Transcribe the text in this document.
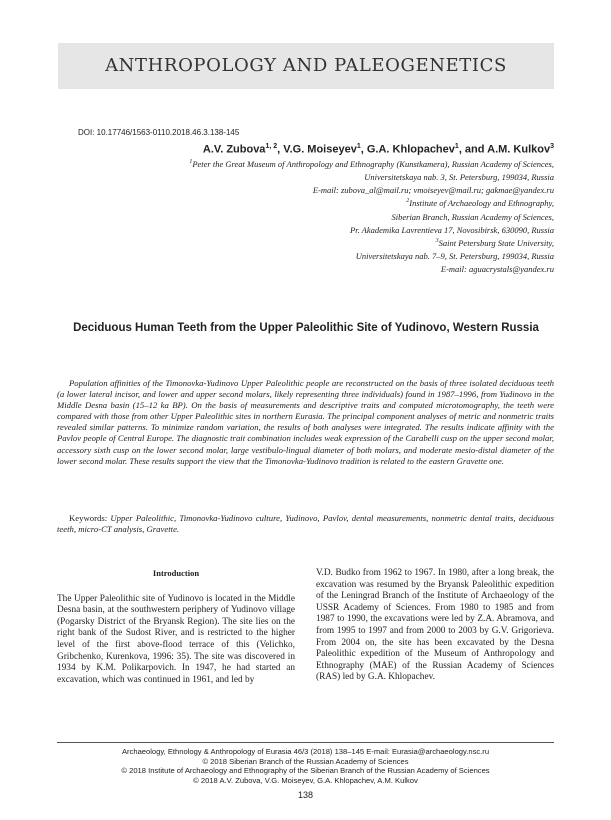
ANTHROPOLOGY AND PALEOGENETICS
DOI: 10.17746/1563-0110.2018.46.3.138-145
A.V. Zubova$^{1, 2}$, V.G. Moiseyev$^1$, G.A. Khlopachev$^1$, and A.M. Kulkov$^3$
$^1$Peter the Great Museum of Anthropology and Ethnography (Kunstkamera), Russian Academy of Sciences,
Universitetskaya nab. 3, St. Petersburg, 199034, Russia
E-mail: zubova_al@mail.ru; vmoiseyev@mail.ru; gakmae@yandex.ru
$^2$Institute of Archaeology and Ethnography,
Siberian Branch, Russian Academy of Sciences,
Pr. Akademika Lavrentieva 17, Novosibirsk, 630090, Russia
$^3$Saint Petersburg State University,
Universitetskaya nab. 7–9, St. Petersburg, 199034, Russia
E-mail: aguacrystals@yandex.ru
Deciduous Human Teeth from the Upper Paleolithic Site of Yudinovo, Western Russia

Population affinities of the Timonovka-Yudinovo Upper Paleolithic people are reconstructed on the basis of three isolated deciduous teeth (a lower lateral incisor, and lower and upper second molars, likely representing three individuals) found in 1987–1996, from Yudinovo in the Middle Desna basin (15–12 ka BP). On the basis of measurements and descriptive traits and computed microtomography, the teeth were compared with those from other Upper Paleolithic sites in northern Eurasia. The principal component analyses of metric and nonmetric traits revealed similar patterns. To minimize random variation, the results of both analyses were integrated. The results indicate affinity with the Pavlov people of Central Europe. The diagnostic trait combination includes weak expression of the Carabelli cusp on the upper second molar, accessory sixth cusp on the lower second molar, large vestibulo-lingual diameter of both molars, and moderate mesio-distal diameter of the lower second molar. These results support the view that the Timonovka-Yudinovo tradition is related to the eastern Gravette one.

Keywords: Upper Paleolithic, Timonovka-Yudinovo culture, Yudinovo, Pavlov, dental measurements, nonmetric dental traits, deciduous teeth, micro-CT analysis, Gravette.

Introduction

The Upper Paleolithic site of Yudinovo is located in the Middle Desna basin, at the southwestern periphery of Yudinovo village (Pogarsky District of the Bryansk Region). The site lies on the right bank of the Sudost River, and is restricted to the higher level of the first above-flood terrace of this (Velichko, Gribchenko, Kurenkova, 1996: 35). The site was discovered in 1934 by K.M. Polikarpovich. In 1947, he had started an excavation, which was continued in 1961, and led by

V.D. Budko from 1962 to 1967. In 1980, after a long break, the excavation was resumed by the Bryansk Paleolithic expedition of the Leningrad Branch of the Institute of Archaeology of the USSR Academy of Sciences. From 1980 to 1985 and from 1987 to 1990, the excavations were led by Z.A. Abramova, and from 1995 to 1997 and from 2000 to 2003 by G.V. Grigorieva. From 2004 on, the site has been excavated by the Desna Paleolithic expedition of the Museum of Anthropology and Ethnography (MAE) of the Russian Academy of Sciences (RAS) led by G.A. Khlopachev.

Archaeology, Ethnology & Anthropology of Eurasia 46/3 (2018) 138–145 E-mail: Eurasia@archaeology.nsc.ru
© 2018 Siberian Branch of the Russian Academy of Sciences
© 2018 Institute of Archaeology and Ethnography of the Siberian Branch of the Russian Academy of Sciences
© 2018 A.V. Zubova, V.G. Moiseyev, G.A. Khlopachev, A.M. Kulkov
138
